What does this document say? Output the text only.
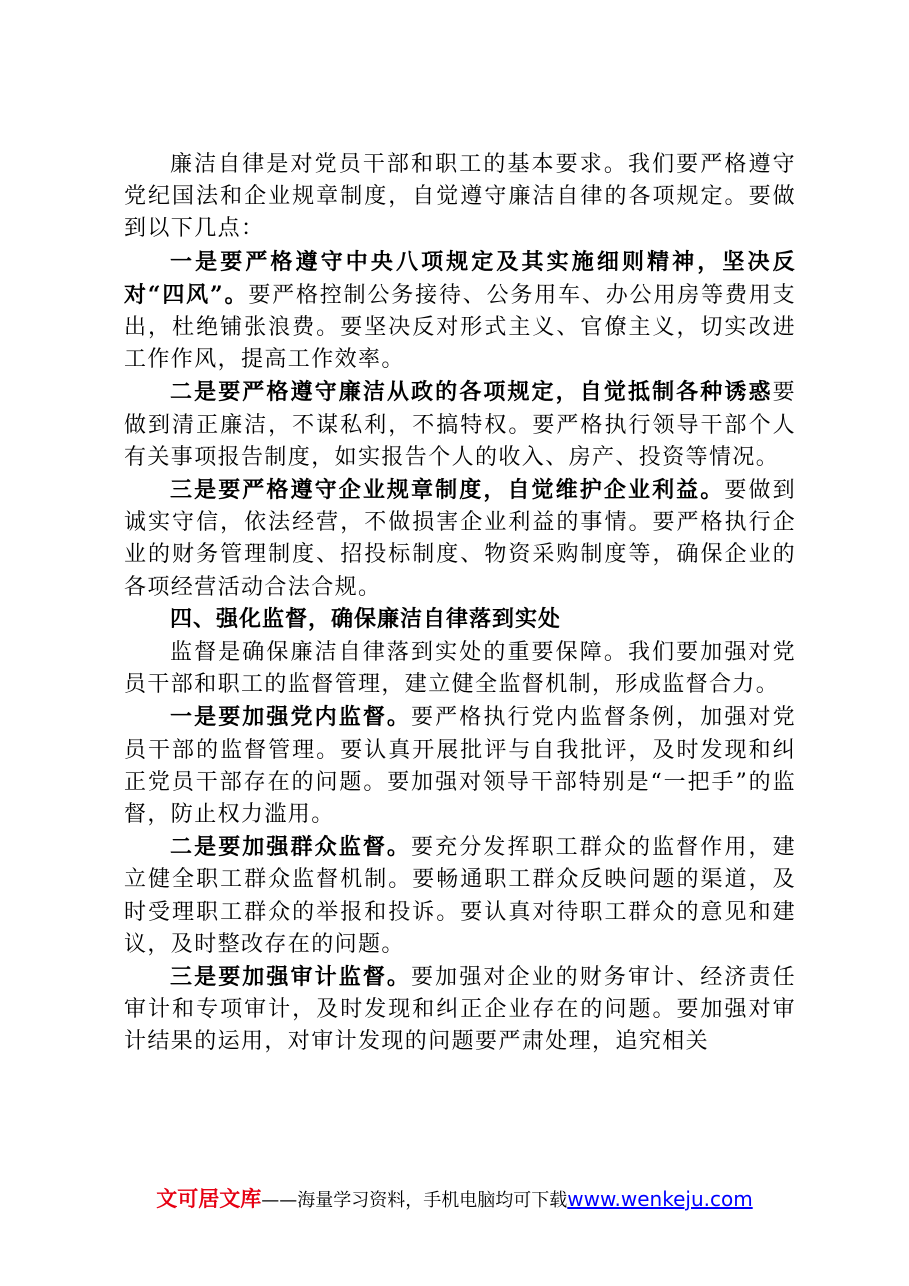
廉洁自律是对党员干部和职工的基本要求。我们要严格遵守党纪国法和企业规章制度，自觉遵守廉洁自律的各项规定。要做到以下几点：

一是要严格遵守中央八项规定及其实施细则精神，坚决反对“四风”。要严格控制公务接待、公务用车、办公用房等费用支出，杜绝铺张浪费。要坚决反对形式主义、官僚主义，切实改进工作作风，提高工作效率。

二是要严格遵守廉洁从政的各项规定，自觉抵制各种诱惑要做到清正廉洁，不谋私利，不搞特权。要严格执行领导干部个人有关事项报告制度，如实报告个人的收入、房产、投资等情况。

三是要严格遵守企业规章制度，自觉维护企业利益。要做到诚实守信，依法经营，不做损害企业利益的事情。要严格执行企业的财务管理制度、招投标制度、物资采购制度等，确保企业的各项经营活动合法合规。

四、强化监督，确保廉洁自律落到实处

监督是确保廉洁自律落到实处的重要保障。我们要加强对党员干部和职工的监督管理，建立健全监督机制，形成监督合力。

一是要加强党内监督。要严格执行党内监督条例，加强对党员干部的监督管理。要认真开展批评与自我批评，及时发现和纠正党员干部存在的问题。要加强对领导干部特别是“一把手”的监督，防止权力滥用。

二是要加强群众监督。要充分发挥职工群众的监督作用，建立健全职工群众监督机制。要畅通职工群众反映问题的渠道，及时受理职工群众的举报和投诉。要认真对待职工群众的意见和建议，及时整改存在的问题。

三是要加强审计监督。要加强对企业的财务审计、经济责任审计和专项审计，及时发现和纠正企业存在的问题。要加强对审计结果的运用，对审计发现的问题要严肃处理，追究相关

文可居文库——海量学习资料，手机电脑均可下载www.wenkeju.com
